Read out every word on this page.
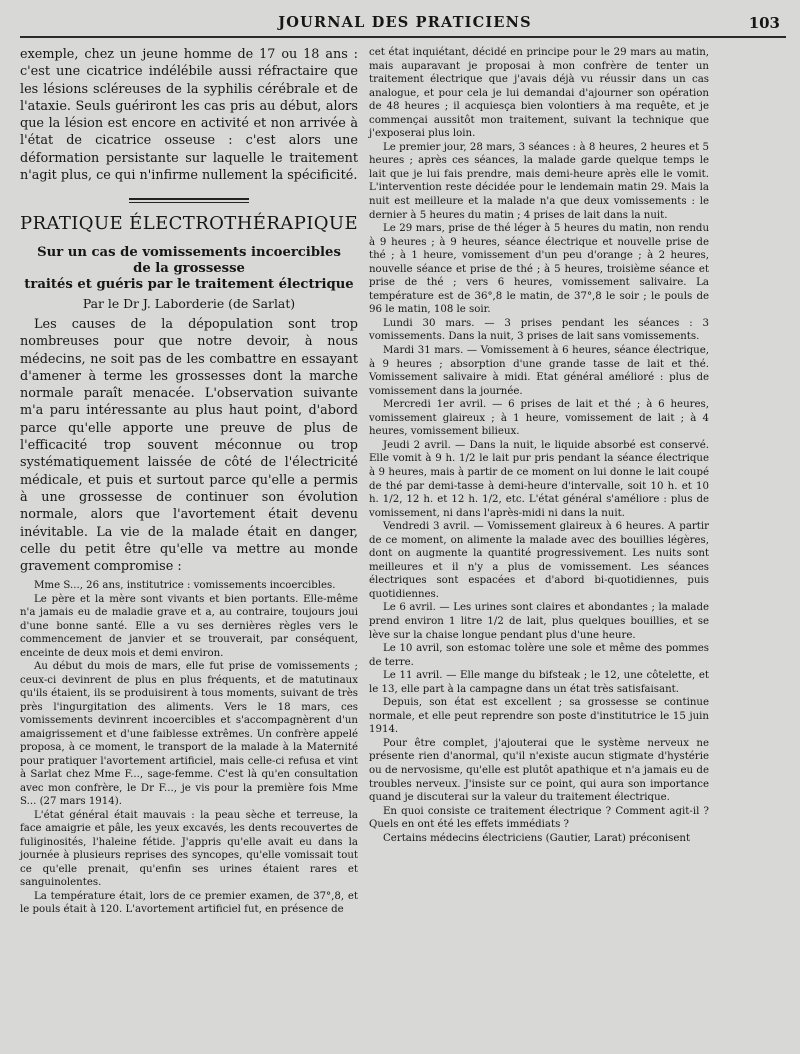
JOURNAL DES PRATICIENS	103

exemple, chez un jeune homme de 17 ou 18 ans : c'est une cicatrice indélébile aussi réfractaire que les lésions scléreuses de la syphilis cérébrale et de l'ataxie. Seuls guériront les cas pris au début, alors que la lésion est encore en activité et non arrivée à l'état de cicatrice osseuse : c'est alors une déformation persistante sur laquelle le traitement n'agit plus, ce qui n'infirme nullement la spécificité.

PRATIQUE ÉLECTROTHÉRAPIQUE
Sur un cas de vomissements incoercibles
de la grossesse
traités et guéris par le traitement électrique
Par le Dr J. Laborderie (de Sarlat)

Les causes de la dépopulation sont trop nombreuses pour que notre devoir, à nous médecins, ne soit pas de les combattre en essayant d'amener à terme les grossesses dont la marche normale paraît menacée. L'observation suivante m'a paru intéressante au plus haut point, d'abord parce qu'elle apporte une preuve de plus de l'efficacité trop souvent méconnue ou trop systématiquement laissée de côté de l'électricité médicale, et puis et surtout parce qu'elle a permis à une grossesse de continuer son évolution normale, alors que l'avortement était devenu inévitable. La vie de la malade était en danger, celle du petit être qu'elle va mettre au monde gravement compromise :

Mme S..., 26 ans, institutrice : vomissements incoercibles.

Le père et la mère sont vivants et bien portants. Elle-même n'a jamais eu de maladie grave et a, au contraire, toujours joui d'une bonne santé. Elle a vu ses dernières règles vers le commencement de janvier et se trouverait, par conséquent, enceinte de deux mois et demi environ.

Au début du mois de mars, elle fut prise de vomissements ; ceux-ci devinrent de plus en plus fréquents, et de matutinaux qu'ils étaient, ils se produisirent à tous moments, suivant de très près l'ingurgitation des aliments. Vers le 18 mars, ces vomissements devinrent incoercibles et s'accompagnèrent d'un amaigrissement et d'une faiblesse extrêmes. Un confrère appelé proposa, à ce moment, le transport de la malade à la Maternité pour pratiquer l'avortement artificiel, mais celle-ci refusa et vint à Sarlat chez Mme F..., sage-femme. C'est là qu'en consultation avec mon confrère, le Dr F..., je vis pour la première fois Mme S... (27 mars 1914).

L'état général était mauvais : la peau sèche et terreuse, la face amaigrie et pâle, les yeux excavés, les dents recouvertes de fuliginosités, l'haleine fétide. J'appris qu'elle avait eu dans la journée à plusieurs reprises des syncopes, qu'elle vomissait tout ce qu'elle prenait, qu'enfin ses urines étaient rares et sanguinolentes.

La température était, lors de ce premier examen, de 37°,8, et le pouls était à 120. L'avortement artificiel fut, en présence de

cet état inquiétant, décidé en principe pour le 29 mars au matin, mais auparavant je proposai à mon confrère de tenter un traitement électrique que j'avais déjà vu réussir dans un cas analogue, et pour cela je lui demandai d'ajourner son opération de 48 heures ; il acquiesça bien volontiers à ma requête, et je commençai aussitôt mon traitement, suivant la technique que j'exposerai plus loin.

Le premier jour, 28 mars, 3 séances : à 8 heures, 2 heures et 5 heures ; après ces séances, la malade garde quelque temps le lait que je lui fais prendre, mais demi-heure après elle le vomit. L'intervention reste décidée pour le lendemain matin 29. Mais la nuit est meilleure et la malade n'a que deux vomissements : le dernier à 5 heures du matin ; 4 prises de lait dans la nuit.

Le 29 mars, prise de thé léger à 5 heures du matin, non rendu à 9 heures ; à 9 heures, séance électrique et nouvelle prise de thé ; à 1 heure, vomissement d'un peu d'orange ; à 2 heures, nouvelle séance et prise de thé ; à 5 heures, troisième séance et prise de thé ; vers 6 heures, vomissement salivaire. La température est de 36°,8 le matin, de 37°,8 le soir ; le pouls de 96 le matin, 108 le soir.

Lundi 30 mars. — 3 prises pendant les séances : 3 vomissements. Dans la nuit, 3 prises de lait sans vomissements.

Mardi 31 mars. — Vomissement à 6 heures, séance électrique, à 9 heures ; absorption d'une grande tasse de lait et thé. Vomissement salivaire à midi. Etat général amélioré : plus de vomissement dans la journée.

Mercredi 1er avril. — 6 prises de lait et thé ; à 6 heures, vomissement glaireux ; à 1 heure, vomissement de lait ; à 4 heures, vomissement bilieux.

Jeudi 2 avril. — Dans la nuit, le liquide absorbé est conservé. Elle vomit à 9 h. 1/2 le lait pur pris pendant la séance électrique à 9 heures, mais à partir de ce moment on lui donne le lait coupé de thé par demi-tasse à demi-heure d'intervalle, soit 10 h. et 10 h. 1/2, 12 h. et 12 h. 1/2, etc. L'état général s'améliore : plus de vomissement, ni dans l'après-midi ni dans la nuit.

Vendredi 3 avril. — Vomissement glaireux à 6 heures. A partir de ce moment, on alimente la malade avec des bouillies légères, dont on augmente la quantité progressivement. Les nuits sont meilleures et il n'y a plus de vomissement. Les séances électriques sont espacées et d'abord bi-quotidiennes, puis quotidiennes.

Le 6 avril. — Les urines sont claires et abondantes ; la malade prend environ 1 litre 1/2 de lait, plus quelques bouillies, et se lève sur la chaise longue pendant plus d'une heure.

Le 10 avril, son estomac tolère une sole et même des pommes de terre.

Le 11 avril. — Elle mange du bifsteak ; le 12, une côtelette, et le 13, elle part à la campagne dans un état très satisfaisant.

Depuis, son état est excellent ; sa grossesse se continue normale, et elle peut reprendre son poste d'institutrice le 15 juin 1914.

Pour être complet, j'ajouterai que le système nerveux ne présente rien d'anormal, qu'il n'existe aucun stigmate d'hystérie ou de nervosisme, qu'elle est plutôt apathique et n'a jamais eu de troubles nerveux. J'insiste sur ce point, qui aura son importance quand je discuterai sur la valeur du traitement électrique.

En quoi consiste ce traitement électrique ? Comment agit-il ? Quels en ont été les effets immédiats ?

Certains médecins électriciens (Gautier, Larat) préconisent
